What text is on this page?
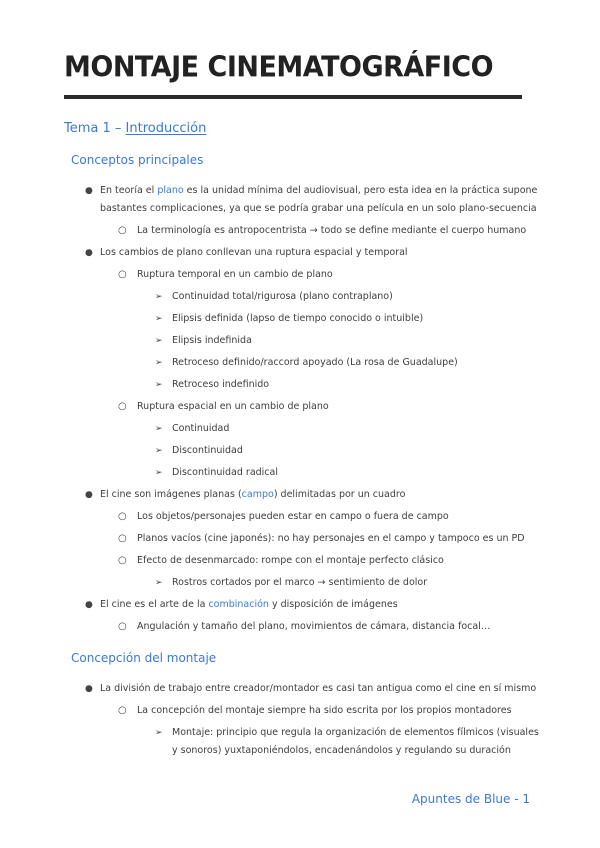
MONTAJE CINEMATOGRÁFICO
Tema 1 – Introducción
Conceptos principales
● En teoría el plano es la unidad mínima del audiovisual, pero esta idea en la práctica supone
bastantes complicaciones, ya que se podría grabar una película en un solo plano-secuencia
○ La terminología es antropocentrista → todo se define mediante el cuerpo humano
● Los cambios de plano conllevan una ruptura espacial y temporal
○ Ruptura temporal en un cambio de plano
➢ Continuidad total/rigurosa (plano contraplano)
➢ Elipsis definida (lapso de tiempo conocido o intuible)
➢ Elipsis indefinida
➢ Retroceso definido/raccord apoyado (La rosa de Guadalupe)
➢ Retroceso indefinido
○ Ruptura espacial en un cambio de plano
➢ Continuidad
➢ Discontinuidad
➢ Discontinuidad radical
● El cine son imágenes planas (campo) delimitadas por un cuadro
○ Los objetos/personajes pueden estar en campo o fuera de campo
○ Planos vacíos (cine japonés): no hay personajes en el campo y tampoco es un PD
○ Efecto de desenmarcado: rompe con el montaje perfecto clásico
➢ Rostros cortados por el marco → sentimiento de dolor
● El cine es el arte de la combinación y disposición de imágenes
○ Angulación y tamaño del plano, movimientos de cámara, distancia focal…
Concepción del montaje
● La división de trabajo entre creador/montador es casi tan antigua como el cine en sí mismo
○ La concepción del montaje siempre ha sido escrita por los propios montadores
➢ Montaje: principio que regula la organización de elementos fílmicos (visuales
y sonoros) yuxtaponiéndolos, encadenándolos y regulando su duración
Apuntes de Blue - 1
